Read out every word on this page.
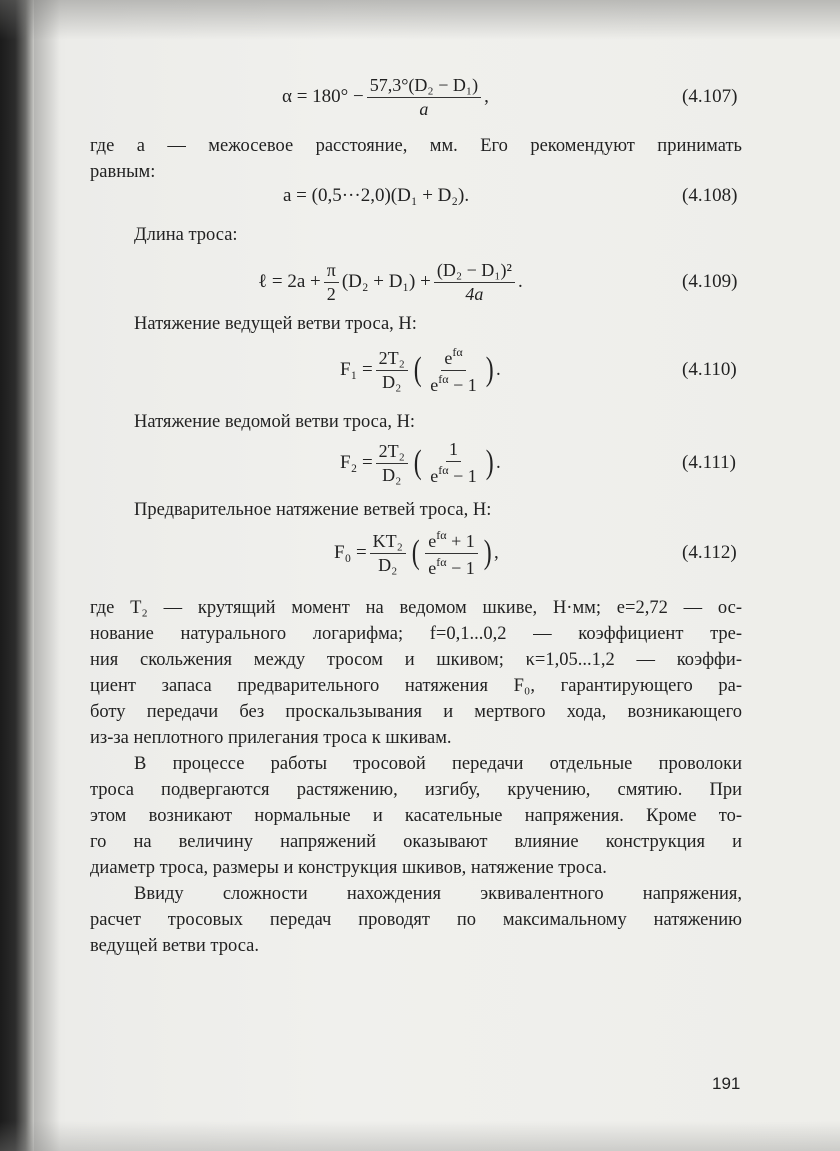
$\alpha = 180^\circ - \frac{\text{57,3°(D₂ − D₁)}}{a}$ ,	(4.107)
где a — межосевое расстояние, мм. Его рекомендуют принимать
равным:
a = (0,5···2,0)(D₁ + D₂).	(4.108)
Длина троса:
ℓ = $2a + \frac{\pi}{2} (D_2 + D_1) + \frac{\text{(D₂ − D₁)²}}{4a}$ .	(4.109)
Натяжение ведущей ветви троса, Н:
$F_1 = \frac{\text{2T₂}}{\text{D₂}}$ ( $\frac{e^{f\alpha}}{e^{f\alpha} - 1}$ ) .	(4.110)
Натяжение ведомой ветви троса, Н:
$F_2 = \frac{\text{2T₂}}{\text{D₂}}$ ( $\frac{1}{e^{f\alpha} - 1}$ ) .	(4.111)
Предварительное натяжение ветвей троса, Н:
$F_0 = \frac{\text{KT₂}}{\text{D₂}}$ ( $\frac{e^{f\alpha} + 1}{e^{f\alpha} - 1}$ ) ,	(4.112)
где T₂ — крутящий момент на ведомом шкиве, Н·мм; e=2,72 — ос-
нование натурального логарифма; f=0,1...0,2 — коэффициент тре-
ния скольжения между тросом и шкивом; κ=1,05...1,2 — коэффи-
циент запаса предварительного натяжения F₀, гарантирующего ра-
боту передачи без проскальзывания и мертвого хода, возникающего
из-за неплотного прилегания троса к шкивам.
В процессе работы тросовой передачи отдельные проволоки
троса подвергаются растяжению, изгибу, кручению, смятию. При
этом возникают нормальные и касательные напряжения. Кроме то-
го на величину напряжений оказывают влияние конструкция и
диаметр троса, размеры и конструкция шкивов, натяжение троса.
Ввиду сложности нахождения эквивалентного напряжения,
расчет тросовых передач проводят по максимальному натяжению
ведущей ветви троса.
191
